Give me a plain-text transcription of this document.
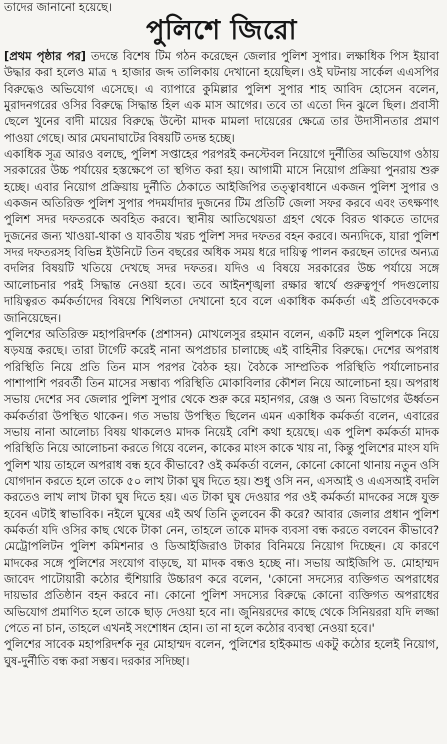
তাদের জানানো হয়েছে।
পুলিশে জিরো

[প্রথম পৃষ্ঠার পর] তদন্তে বিশেষ টিম গঠন করেছেন জেলার পুলিশ সুপার। লক্ষাধিক পিস ইয়াবা উদ্ধার করা হলেও মাত্র ৭ হাজার জব্দ তালিকায় দেখানো হয়েছিল। ওই ঘটনায় সার্কেল এএসপির বিরুদ্ধেও অভিযোগ এসেছে। এ ব্যাপারে কুমিল্লার পুলিশ সুপার শাহ আবিদ হোসেন বলেন, মুরাদনগরের ওসির বিরুদ্ধে সিদ্ধান্ত হিল এক মাস আগের। তবে তা এতো দিন ঝুলে ছিল। প্রবাসী ছেলে খুনের বাদী মায়ের বিরুদ্ধে উল্টো মাদক মামলা দায়েরের ক্ষেত্রে তার উদাসীনতার প্রমাণ পাওয়া গেছে। আর মেঘনাঘাটের বিষয়টি তদন্ত হচ্ছে।

একাধিক সূত্র আরও বলছে, পুলিশ সপ্তাহের পরপরই কনস্টেবল নিয়োগে দুর্নীতির অভিযোগ ওঠায় সরকারের উচ্চ পর্যায়ের হস্তক্ষেপে তা স্থগিত করা হয়। আগামী মাসে নিয়োগ প্রক্রিয়া পুনরায় শুরু হচ্ছে। এবার নিয়োগ প্রক্রিয়ায় দুর্নীতি ঠেকাতে আইজিপির তত্ত্বাবধানে একজন পুলিশ সুপার ও একজন অতিরিক্ত পুলিশ সুপার পদমর্যাদার দুজনের টিম প্রতিটি জেলা সফর করবে এবং তৎক্ষণাৎ পুলিশ সদর দফতরকে অবহিত করবে। স্থানীয় আতিথেয়তা গ্রহণ থেকে বিরত থাকতে তাদের দুজনের জন্য খাওয়া-থাকা ও যাবতীয় খরচ পুলিশ সদর দফতর বহন করবে। অন্যদিকে, যারা পুলিশ সদর দফতরসহ বিভিন্ন ইউনিটে তিন বছরের অধিক সময় ধরে দায়িত্ব পালন করছেন তাদের অন্যত্র বদলির বিষয়টি খতিয়ে দেখছে সদর দফতর। যদিও এ বিষয়ে সরকারের উচ্চ পর্যায়ে সঙ্গে আলোচনার পরই সিদ্ধান্ত নেওয়া হবে। তবে আইনশৃঙ্খলা রক্ষার স্বার্থে গুরুত্বপূর্ণ পদগুলোয় দায়িত্বরত কর্মকর্তাদের বিষয়ে শিথিলতা দেখানো হবে বলে একাধিক কর্মকর্তা এই প্রতিবেদককে জানিয়েছেন।

পুলিশের অতিরিক্ত মহাপরিদর্শক (প্রশাসন) মোখলেসুর রহমান বলেন, একটি মহল পুলিশকে নিয়ে ষড়যন্ত্র করছে। তারা টার্গেট করেই নানা অপপ্রচার চালাচ্ছে এই বাহিনীর বিরুদ্ধে। দেশের অপরাধ পরিস্থিতি নিয়ে প্রতি তিন মাস পরপর বৈঠক হয়। বৈঠকে সাম্প্রতিক পরিস্থিতি পর্যালোচনার পাশাপাশি পরবর্তী তিন মাসের সম্ভাব্য পরিস্থিতি মোকাবিলার কৌশল নিয়ে আলোচনা হয়। অপরাধ সভায় দেশের সব জেলার পুলিশ সুপার থেকে শুরু করে মহানগর, রেঞ্জ ও অন্য বিভাগের ঊর্ধ্বতন কর্মকর্তারা উপস্থিত থাকেন। গত সভায় উপস্থিত ছিলেন এমন একাধিক কর্মকর্তা বলেন, এবারের সভায় নানা আলোচ্য বিষয় থাকলেও মাদক নিয়েই বেশি কথা হয়েছে। এক পুলিশ কর্মকর্তা মাদক পরিস্থিতি নিয়ে আলোচনা করতে গিয়ে বলেন, কাকের মাংস কাকে খায় না, কিন্তু পুলিশের মাংস যদি পুলিশ খায় তাহলে অপরাধ বন্ধ হবে কীভাবে? ওই কর্মকর্তা বলেন, কোনো কোনো থানায় নতুন ওসি যোগদান করতে হলে তাকে ৫০ লাখ টাকা ঘুষ দিতে হয়। শুধু ওসি নন, এসআই ও এএসআই বদলি করতেও লাখ লাখ টাকা ঘুষ দিতে হয়। এত টাকা ঘুষ দেওয়ার পর ওই কর্মকর্তা মাদকের সঙ্গে যুক্ত হবেন এটাই স্বাভাবিক। নইলে ঘুষের এই অর্থ তিনি তুলবেন কী করে? আবার জেলার প্রধান পুলিশ কর্মকর্তা যদি ওসির কাছ থেকে টাকা নেন, তাহলে তাকে মাদক ব্যবসা বন্ধ করতে বলবেন কীভাবে? মেট্রোপলিটন পুলিশ কমিশনার ও ডিআইজিরাও টাকার বিনিময়ে নিয়োগ দিচ্ছেন। যে কারণে মাদকের সঙ্গে পুলিশের সংযোগ বাড়ছে, যা মাদক বন্ধও হচ্ছে না। সভায় আইজিপি ড. মোহাম্মদ জাবেদ পাটোয়ারী কঠোর হুঁশিয়ারি উচ্চারণ করে বলেন, 'কোনো সদস্যের ব্যক্তিগত অপরাধের দায়ভার প্রতিষ্ঠান বহন করবে না। কোনো পুলিশ সদস্যের বিরুদ্ধে কোনো ব্যক্তিগত অপরাধের অভিযোগ প্রমাণিত হলে তাকে ছাড় দেওয়া হবে না। জুনিয়রদের কাছে থেকে সিনিয়ররা যদি লজ্জা পেতে না চান, তাহলে এখনই সংশোধন হোন। তা না হলে কঠোর ব্যবস্থা নেওয়া হবে।'

পুলিশের সাবেক মহাপরিদর্শক নূর মোহাম্মদ বলেন, পুলিশের হাইকমান্ড একটু কঠোর হলেই নিয়োগ, ঘুষ-দুর্নীতি বন্ধ করা সম্ভব। দরকার সদিচ্ছা।
